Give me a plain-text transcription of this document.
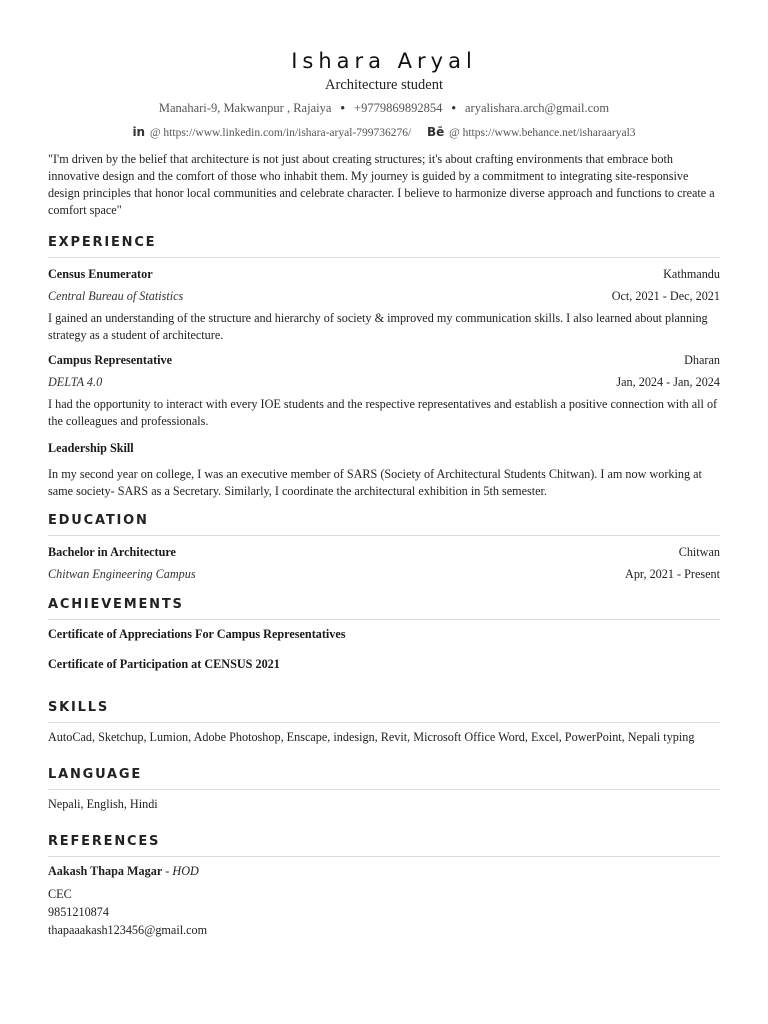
Ishara Aryal
Architecture student
Manahari-9, Makwanpur , Rajaiya • +9779869892854 • aryalishara.arch@gmail.com
in @ https://www.linkedin.com/in/ishara-aryal-799736276/ Bē @ https://www.behance.net/isharaaryal3
"I'm driven by the belief that architecture is not just about creating structures; it's about crafting environments that embrace both innovative design and the comfort of those who inhabit them. My journey is guided by a commitment to integrating site-responsive design principles that honor local communities and celebrate character. I believe to harmonize diverse approach and functions to create a comfort space"
EXPERIENCE
Census Enumerator	Kathmandu
Central Bureau of Statistics	Oct, 2021 - Dec, 2021
I gained an understanding of the structure and hierarchy of society & improved my communication skills. I also learned about planning strategy as a student of architecture.
Campus Representative	Dharan
DELTA 4.0	Jan, 2024 - Jan, 2024
I had the opportunity to interact with every IOE students and the respective representatives and establish a positive connection with all of the colleagues and professionals.
Leadership Skill
In my second year on college, I was an executive member of SARS (Society of Architectural Students Chitwan). I am now working at same society- SARS as a Secretary. Similarly, I coordinate the architectural exhibition in 5th semester.
EDUCATION
Bachelor in Architecture	Chitwan
Chitwan Engineering Campus	Apr, 2021 - Present
ACHIEVEMENTS
Certificate of Appreciations For Campus Representatives
Certificate of Participation at CENSUS 2021
SKILLS
AutoCad, Sketchup, Lumion, Adobe Photoshop, Enscape, indesign, Revit, Microsoft Office Word, Excel, PowerPoint, Nepali typing
LANGUAGE
Nepali, English, Hindi
REFERENCES
Aakash Thapa Magar - HOD
CEC
9851210874
thapaaakash123456@gmail.com
